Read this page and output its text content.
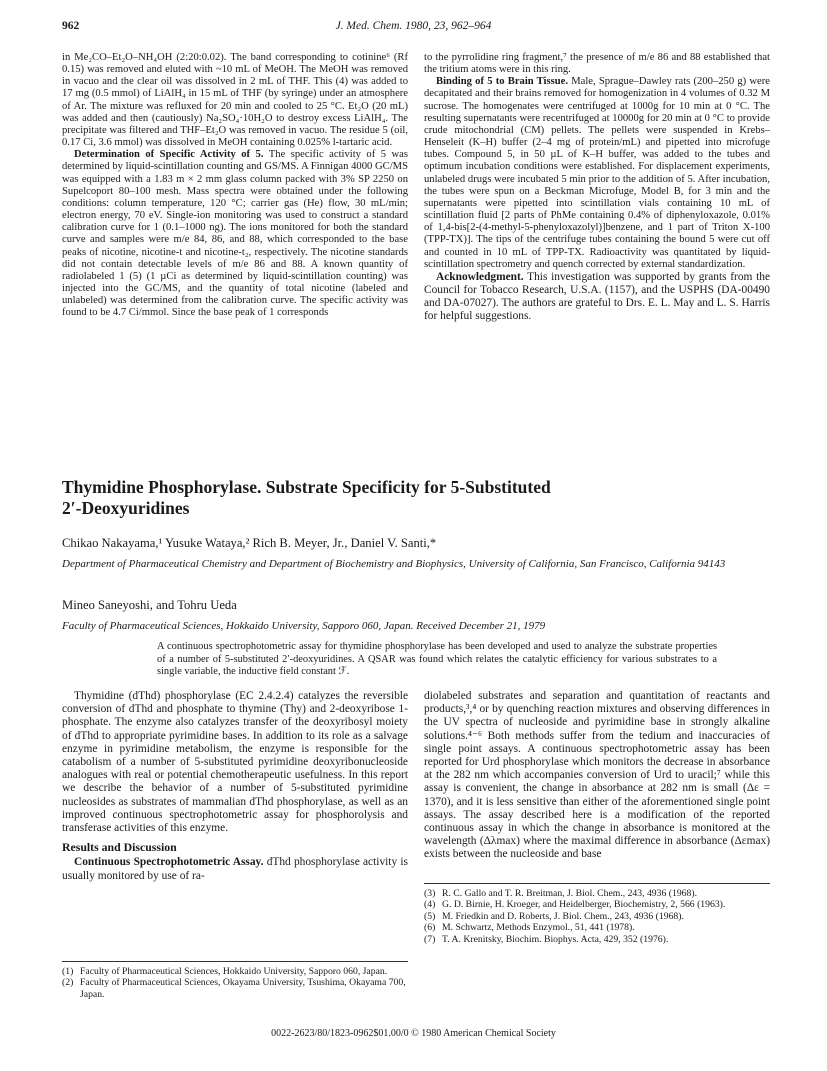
962	J. Med. Chem. 1980, 23, 962–964

in Me₂CO–Et₂O–NH₄OH (2:20:0.02). The band corresponding to cotinine⁶ (Rf 0.15) was removed and eluted with ~10 mL of MeOH. The MeOH was removed in vacuo and the clear oil was dissolved in 2 mL of THF. This (4) was added to 17 mg (0.5 mmol) of LiAlH₄ in 15 mL of THF (by syringe) under an atmosphere of Ar. The mixture was refluxed for 20 min and cooled to 25 °C. Et₂O (20 mL) was added and then (cautiously) Na₂SO₄·10H₂O to destroy excess LiAlH₄. The precipitate was filtered and THF–Et₂O was removed in vacuo. The residue 5 (oil, 0.17 Ci, 3.6 mmol) was dissolved in MeOH containing 0.025% l-tartaric acid.

Determination of Specific Activity of 5. The specific activity of 5 was determined by liquid-scintillation counting and GS/MS. A Finnigan 4000 GC/MS was equipped with a 1.83 m × 2 mm glass column packed with 3% SP 2250 on Supelcoport 80–100 mesh. Mass spectra were obtained under the following conditions: column temperature, 120 °C; carrier gas (He) flow, 30 mL/min; electron energy, 70 eV. Single-ion monitoring was used to construct a standard calibration curve for 1 (0.1–1000 ng). The ions monitored for both the standard curve and samples were m/e 84, 86, and 88, which corresponded to the base peaks of nicotine, nicotine-t and nicotine-t₂, respectively. The nicotine standards did not contain detectable levels of m/e 86 and 88. A known quantity of radiolabeled 1 (5) (1 µCi as determined by liquid-scintillation counting) was injected into the GC/MS, and the quantity of total nicotine (labeled and unlabeled) was determined from the calibration curve. The specific activity was found to be 4.7 Ci/mmol. Since the base peak of 1 corresponds

to the pyrrolidine ring fragment,⁷ the presence of m/e 86 and 88 established that the tritium atoms were in this ring.

Binding of 5 to Brain Tissue. Male, Sprague–Dawley rats (200–250 g) were decapitated and their brains removed for homogenization in 4 volumes of 0.32 M sucrose. The homogenates were centrifuged at 1000g for 10 min at 0 °C. The resulting supernatants were recentrifuged at 10000g for 20 min at 0 °C to provide crude mitochondrial (CM) pellets. The pellets were suspended in Krebs–Henseleit (K–H) buffer (2–4 mg of protein/mL) and pipetted into microfuge tubes. Compound 5, in 50 µL of K–H buffer, was added to the tubes and optimum incubation conditions were established. For displacement experiments, unlabeled drugs were incubated 5 min prior to the addition of 5. After incubation, the tubes were spun on a Beckman Microfuge, Model B, for 3 min and the supernatants were pipetted into scintillation vials containing 10 mL of scintillation fluid [2 parts of PhMe containing 0.4% of diphenyloxazole, 0.01% of 1,4-bis[2-(4-methyl-5-phenyloxazolyl)]benzene, and 1 part of Triton X-100 (TPP-TX)]. The tips of the centrifuge tubes containing the bound 5 were cut off and counted in 10 mL of TPP-TX. Radioactivity was quantitated by liquid-scintillation spectrometry and quench corrected by external standardization.

Acknowledgment. This investigation was supported by grants from the Council for Tobacco Research, U.S.A. (1157), and the USPHS (DA-00490 and DA-07027). The authors are grateful to Drs. E. L. May and L. S. Harris for helpful suggestions.

Thymidine Phosphorylase. Substrate Specificity for 5-Substituted
2′-Deoxyuridines
Chikao Nakayama,¹ Yusuke Wataya,² Rich B. Meyer, Jr., Daniel V. Santi,*
Department of Pharmaceutical Chemistry and Department of Biochemistry and Biophysics, University of California, San Francisco, California 94143
Mineo Saneyoshi, and Tohru Ueda
Faculty of Pharmaceutical Sciences, Hokkaido University, Sapporo 060, Japan. Received December 21, 1979
A continuous spectrophotometric assay for thymidine phosphorylase has been developed and used to analyze the substrate properties of a number of 5-substituted 2′-deoxyuridines. A QSAR was found which relates the catalytic efficiency for various substrates to a single variable, the inductive field constant ℱ.

Thymidine (dThd) phosphorylase (EC 2.4.2.4) catalyzes the reversible conversion of dThd and phosphate to thymine (Thy) and 2-deoxyribose 1-phosphate. The enzyme also catalyzes transfer of the deoxyribosyl moiety of dThd to appropriate pyrimidine bases. In addition to its role as a salvage enzyme in pyrimidine metabolism, the enzyme is responsible for the catabolism of a number of 5-substituted pyrimidine deoxyribonucleoside analogues with real or potential chemotherapeutic usefulness. In this report we describe the behavior of a number of 5-substituted pyrimidine nucleosides as substrates of mammalian dThd phosphorylase, as well as an improved continuous spectrophotometric assay for phosphorolysis and transferase activities of this enzyme.

Results and Discussion

Continuous Spectrophotometric Assay. dThd phosphorylase activity is usually monitored by use of ra-

diolabeled substrates and separation and quantitation of reactants and products,³,⁴ or by quenching reaction mixtures and observing differences in the UV spectra of nucleoside and pyrimidine base in strongly alkaline solutions.⁴⁻⁶ Both methods suffer from the tedium and inaccuracies of single point assays. A continuous spectrophotometric assay has been reported for Urd phosphorylase which monitors the decrease in absorbance at the 282 nm which accompanies conversion of Urd to uracil;⁷ while this assay is convenient, the change in absorbance at 282 nm is small (Δε = 1370), and it is less sensitive than either of the aforementioned single point assays. The assay described here is a modification of the reported continuous assay in which the change in absorbance is monitored at the wavelength (Δλmax) where the maximal difference in absorbance (Δεmax) exists between the nucleoside and base

(1) Faculty of Pharmaceutical Sciences, Hokkaido University, Sapporo 060, Japan.
(2) Faculty of Pharmaceutical Sciences, Okayama University, Tsushima, Okayama 700, Japan.
(3) R. C. Gallo and T. R. Breitman, J. Biol. Chem., 243, 4936 (1968).
(4) G. D. Birnie, H. Kroeger, and Heidelberger, Biochemistry, 2, 566 (1963).
(5) M. Friedkin and D. Roberts, J. Biol. Chem., 243, 4936 (1968).
(6) M. Schwartz, Methods Enzymol., 51, 441 (1978).
(7) T. A. Krenitsky, Biochim. Biophys. Acta, 429, 352 (1976).
0022-2623/80/1823-0962$01.00/0 © 1980 American Chemical Society
